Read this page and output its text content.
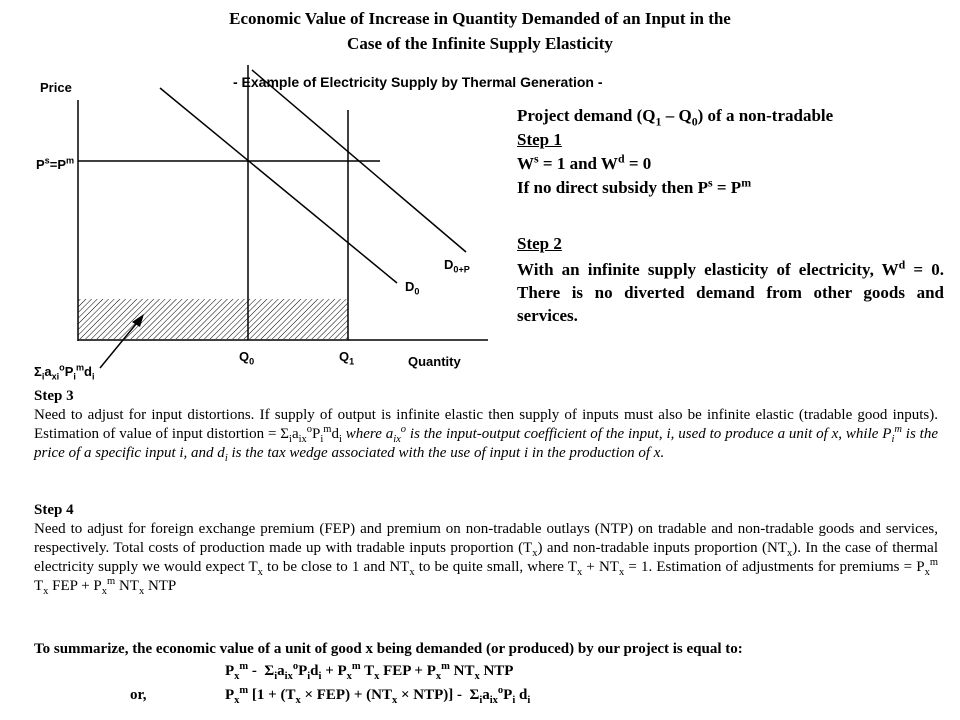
Economic Value of Increase in Quantity Demanded of an Input in the
Case of the Infinite Supply Elasticity
- Example of Electricity Supply by Thermal Generation -
Price
$P^s=P^m$
Quantity
$Q_0$	$Q_1$
$D_0$
$D_{0+P}$
$\Sigma_ia_{xi}^oP_i^md_i$
Project demand $(Q_1 - Q_0)$ of a non-tradable
Step 1
$W^s = 1$ and $W^d = 0$
If no direct subsidy then $P^s = P^m$
Step 2
With an infinite supply elasticity of electricity, $W^d = 0$. There is no diverted demand from other goods and services.
Step 3
Need to adjust for input distortions. If supply of output is infinite elastic then supply of inputs must also be infinite elastic (tradable good inputs). Estimation of value of input distortion = $\Sigma_ia_{ix}^oP_i^md_i$ where $a_{ix}^o$ is the input-output coefficient of the input, i, used to produce a unit of x, while $P_i^m$ is the price of a specific input i, and $d_i$ is the tax wedge associated with the use of input i in the production of x.
Step 4
Need to adjust for foreign exchange premium (FEP) and premium on non-tradable outlays (NTP) on tradable and non-tradable goods and services, respectively. Total costs of production made up with tradable inputs proportion $(T_x)$ and non-tradable inputs proportion $(NT_x)$. In the case of thermal electricity supply we would expect $T_x$ to be close to 1 and $NT_x$ to be quite small, where $T_x + NT_x = 1$. Estimation of adjustments for premiums = $P_x^m$ $T_x$ FEP + $P_x^m$ $NT_x$ NTP
To summarize, the economic value of a unit of good x being demanded (or produced) by our project is equal to:
$P_x^m - \Sigma_ia_{ix}^oP_id_i + P_x^m$ $T_x$ FEP + $P_x^m$ $NT_x$ NTP
or,	$P_x^m$ $[1 + (T_x \times FEP) + (NT_x \times NTP)] - \Sigma_ia_{ix}^oP_i$ $d_i$
